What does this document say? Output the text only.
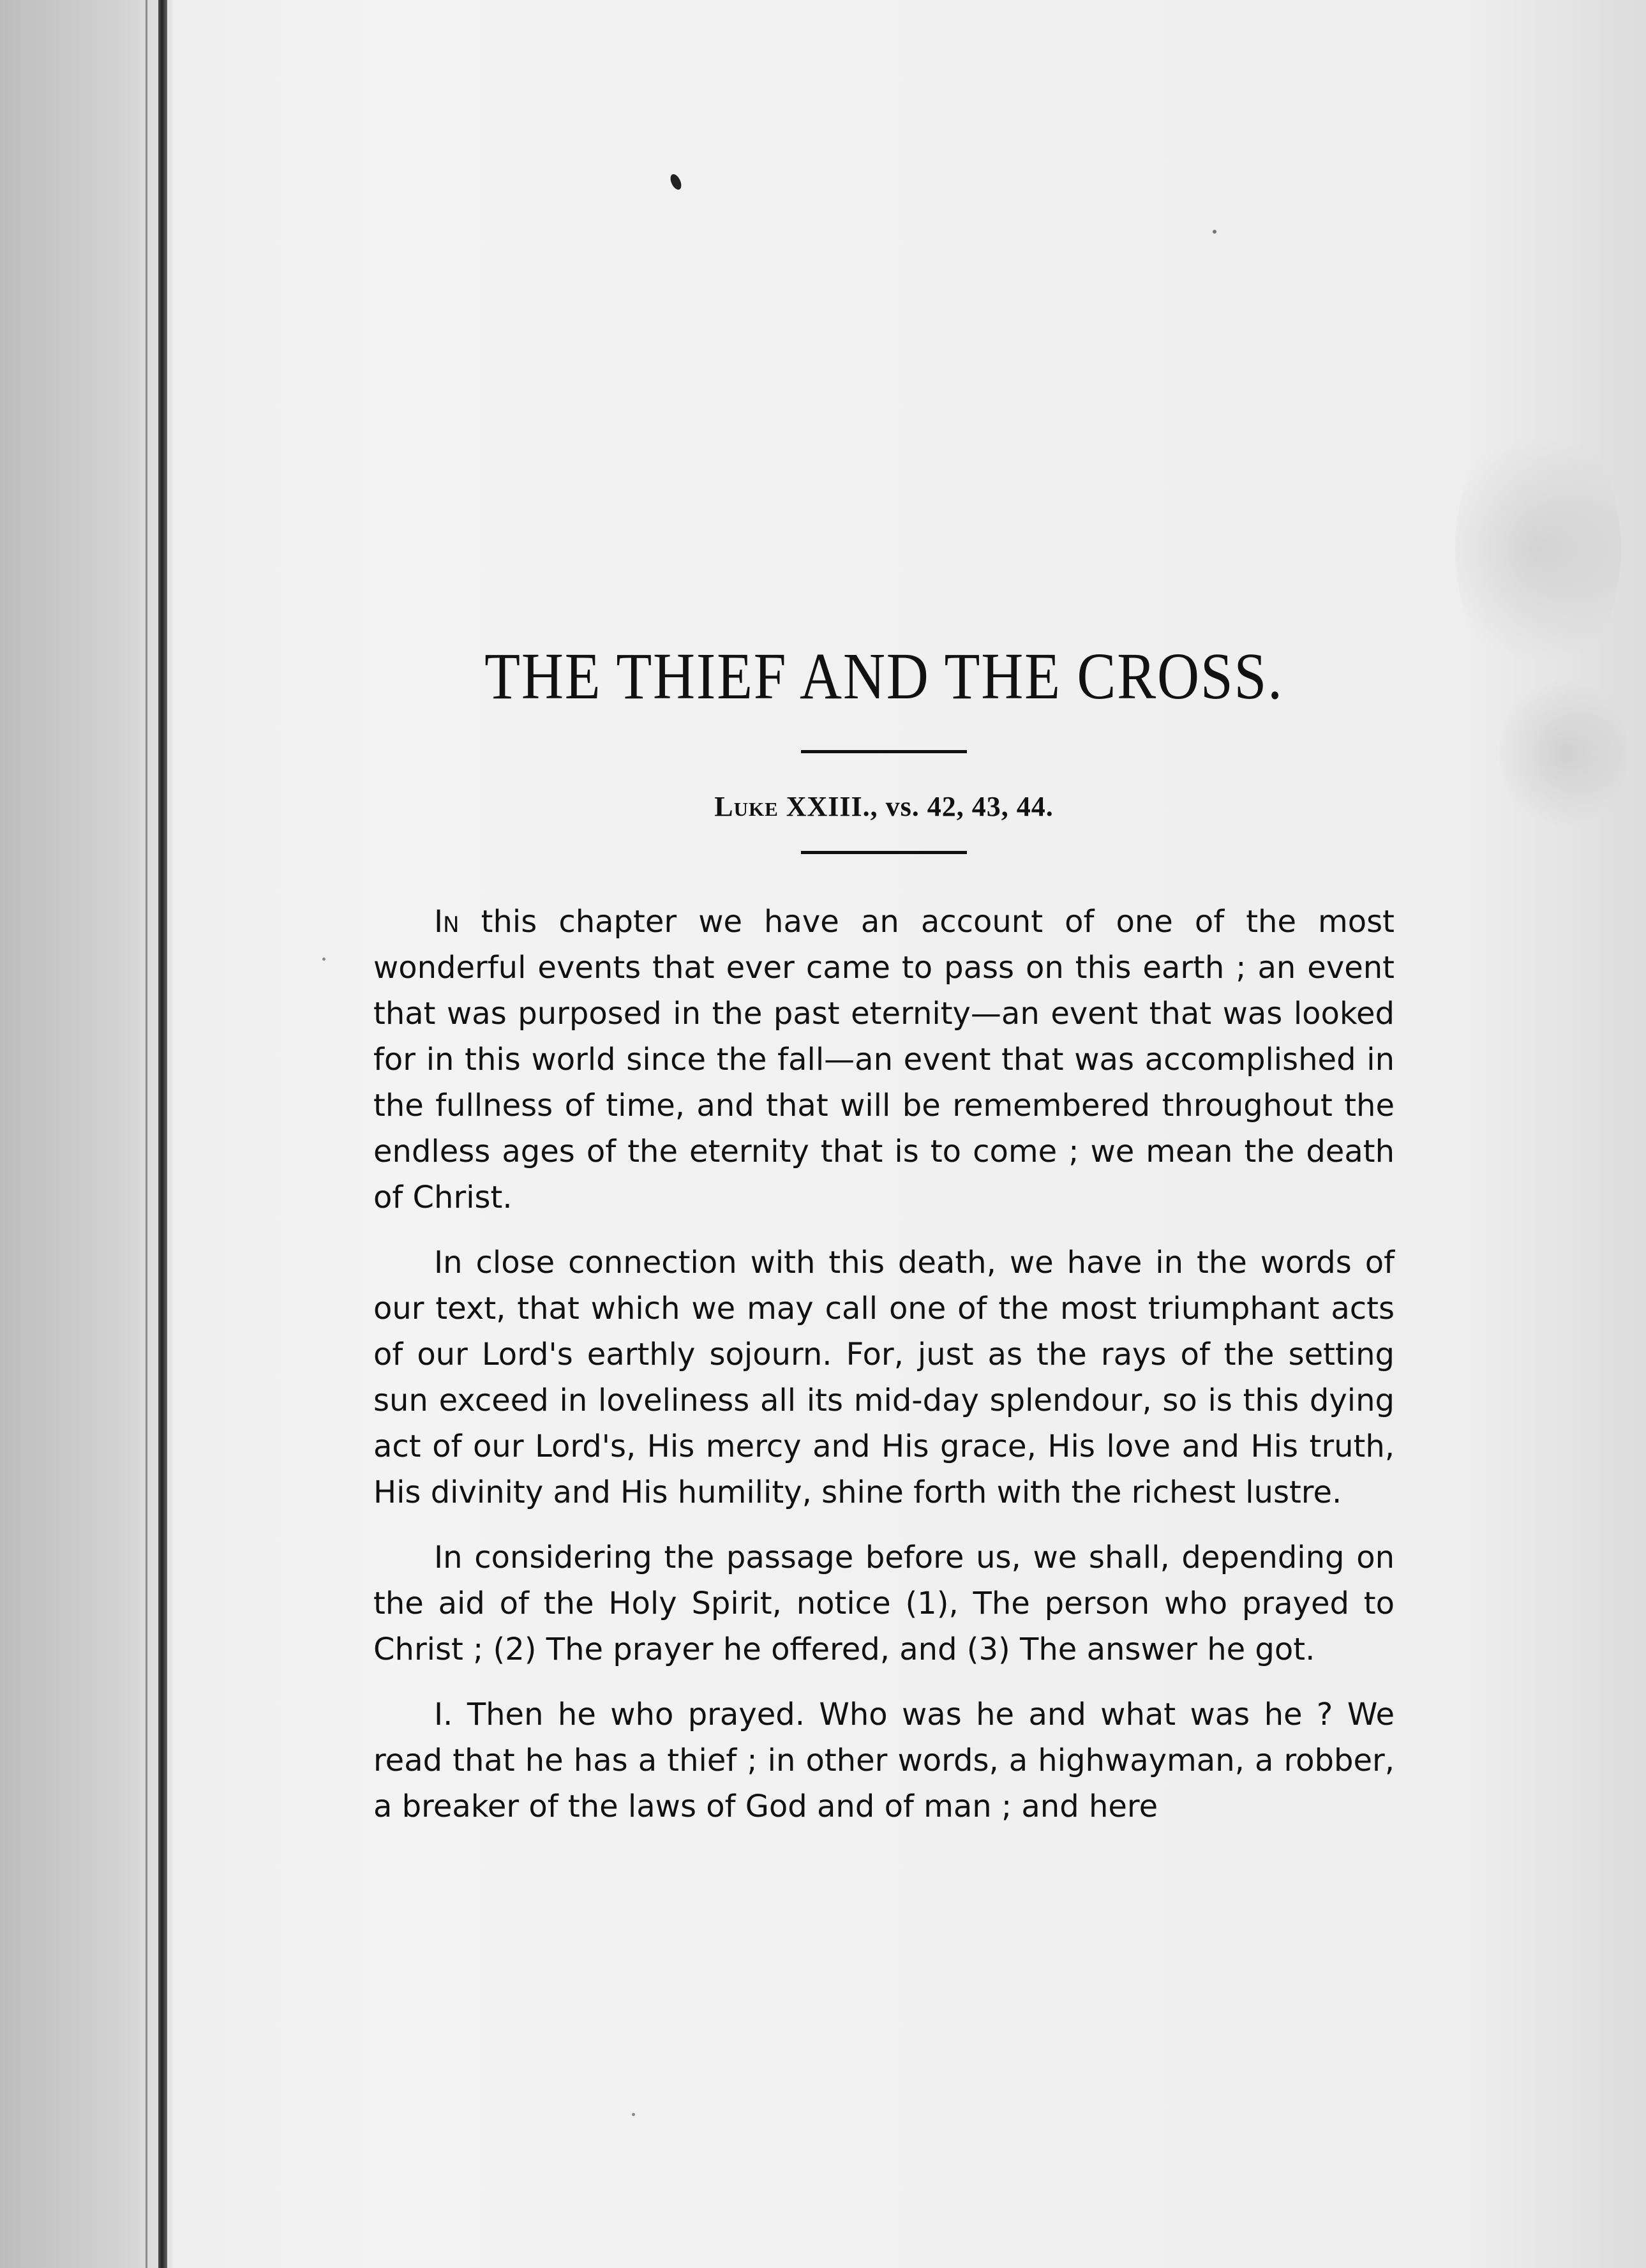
THE THIEF AND THE CROSS.
Luke XXIII., vs. 42, 43, 44.

In this chapter we have an account of one of the most wonderful events that ever came to pass on this earth ; an event that was purposed in the past eternity—an event that was looked for in this world since the fall—an event that was accomplished in the fullness of time, and that will be remembered throughout the endless ages of the eternity that is to come ; we mean the death of Christ.

In close connection with this death, we have in the words of our text, that which we may call one of the most triumphant acts of our Lord's earthly sojourn. For, just as the rays of the setting sun exceed in loveliness all its mid-day splendour, so is this dying act of our Lord's, His mercy and His grace, His love and His truth, His divinity and His humility, shine forth with the richest lustre.

In considering the passage before us, we shall, depending on the aid of the Holy Spirit, notice (1), The person who prayed to Christ ; (2) The prayer he offered, and (3) The answer he got.

I. Then he who prayed. Who was he and what was he ? We read that he has a thief ; in other words, a highwayman, a robber, a breaker of the laws of God and of man ; and here
